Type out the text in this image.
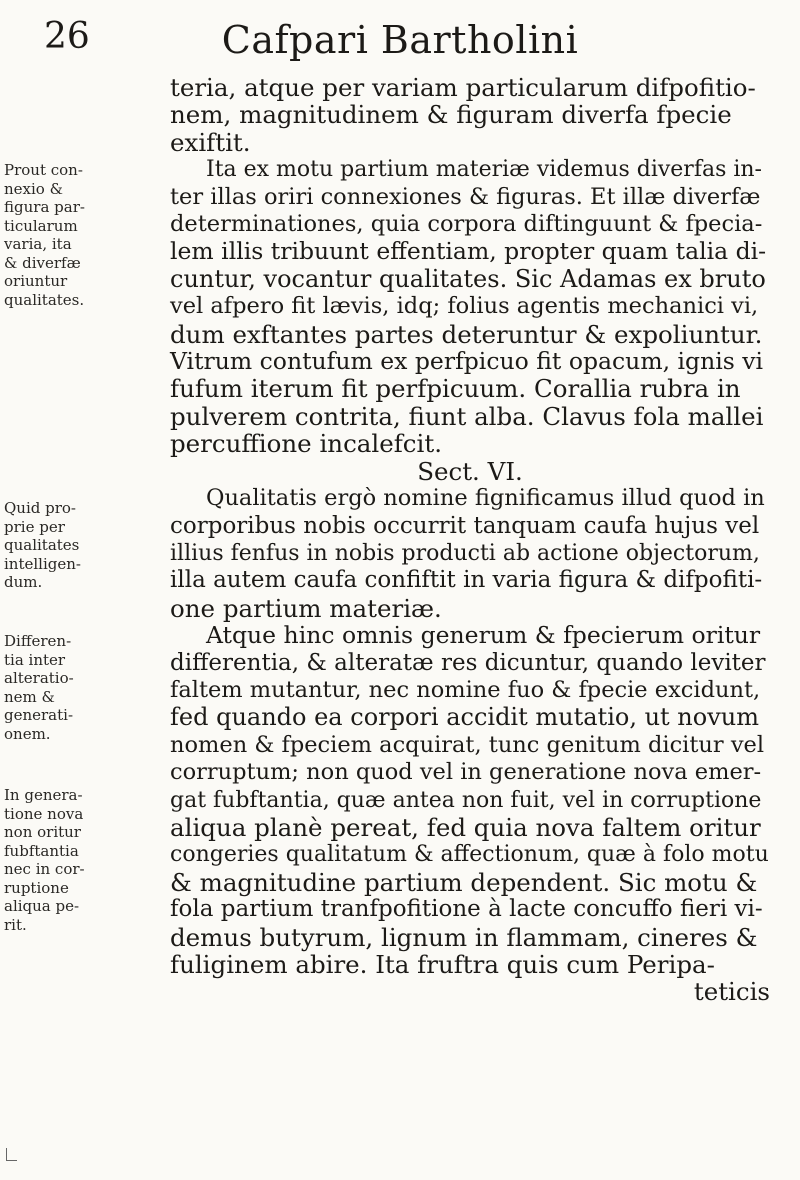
26	Cafpari Bartholini
teria, atque per variam particularum difpofitio-
nem, magnitudinem & figuram diverfa fpecie
exiftit.
Ita ex motu partium materiæ videmus diverfas in-
ter illas oriri connexiones & figuras. Et illæ diverfæ
determinationes, quia corpora diftinguunt & fpecia-
lem illis tribuunt effentiam, propter quam talia di-
cuntur, vocantur qualitates. Sic Adamas ex bruto
vel afpero fit lævis, idq; folius agentis mechanici vi,
dum exftantes partes deteruntur & expoliuntur.
Vitrum contufum ex perfpicuo fit opacum, ignis vi
fufum iterum fit perfpicuum. Corallia rubra in
pulverem contrita, fiunt alba. Clavus fola mallei
percuffione incalefcit.
Sect. VI.
Qualitatis ergò nomine fignificamus illud quod in
corporibus nobis occurrit tanquam caufa hujus vel
illius fenfus in nobis producti ab actione objectorum,
illa autem caufa confiftit in varia figura & difpofiti-
one partium materiæ.
Atque hinc omnis generum & fpecierum oritur
differentia, & alteratæ res dicuntur, quando leviter
faltem mutantur, nec nomine fuo & fpecie excidunt,
fed quando ea corpori accidit mutatio, ut novum
nomen & fpeciem acquirat, tunc genitum dicitur vel
corruptum; non quod vel in generatione nova emer-
gat fubftantia, quæ antea non fuit, vel in corruptione
aliqua planè pereat, fed quia nova faltem oritur
congeries qualitatum & affectionum, quæ à folo motu
& magnitudine partium dependent. Sic motu &
fola partium tranfpofitione à lacte concuffo fieri vi-
demus butyrum, lignum in flammam, cineres &
fuliginem abire. Ita fruftra quis cum Peripa-
teticis
Prout con-
nexio &
figura par-
ticularum
varia, ita
& diverfæ
oriuntur
qualitates.
Quid pro-
prie per
qualitates
intelligen-
dum.
Differen-
tia inter
alteratio-
nem &
generati-
onem.
In genera-
tione nova
non oritur
fubftantia
nec in cor-
ruptione
aliqua pe-
rit.
